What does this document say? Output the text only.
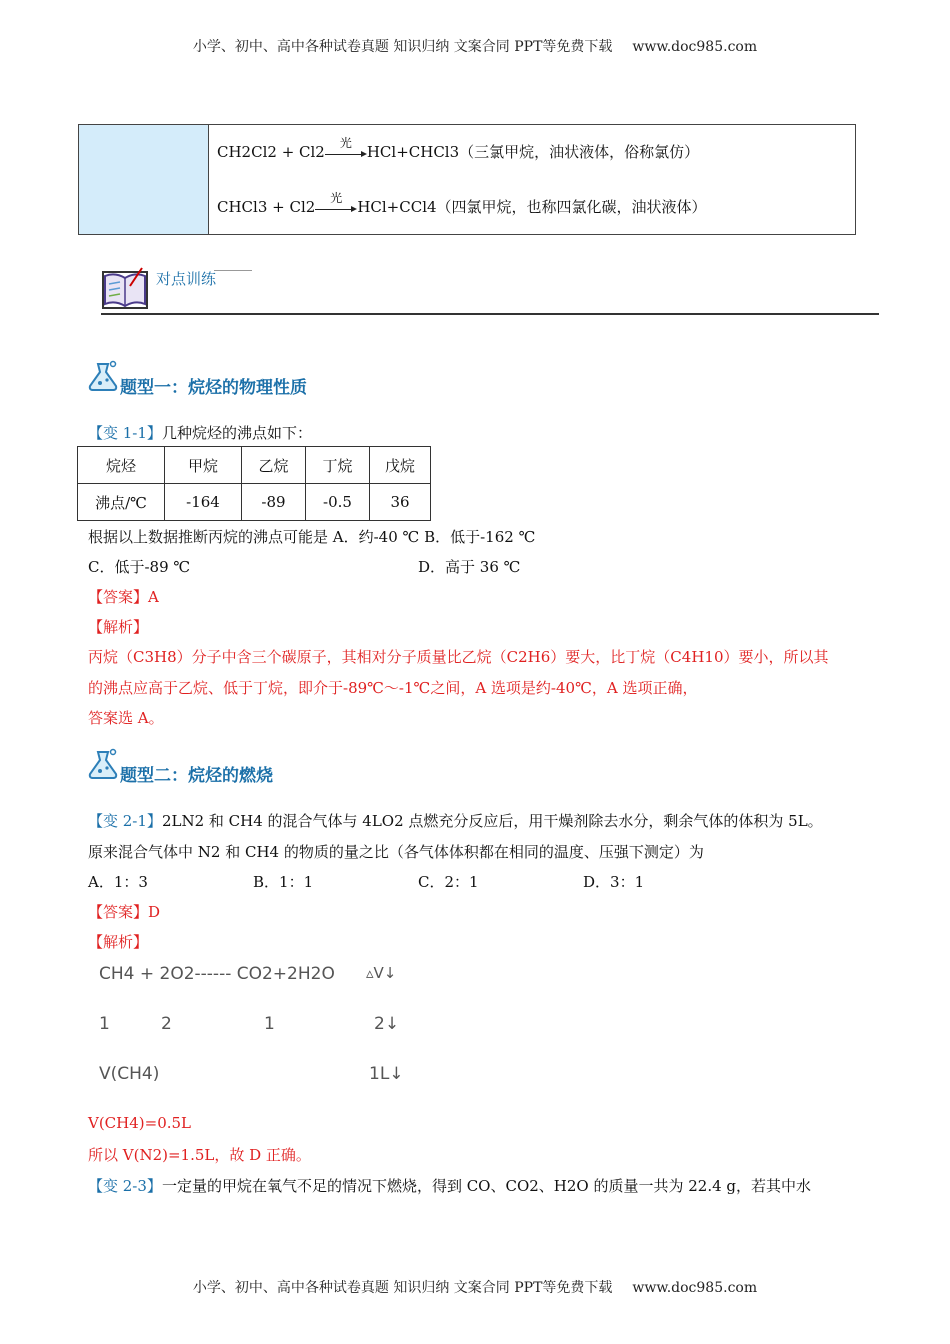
小学、初中、高中各种试卷真题 知识归纳 文案合同 PPT等免费下载 www.doc985.com
CH2Cl2 + Cl2	光	HCl+CHCl3（三氯甲烷，油状液体，俗称氯仿）
CHCl3 + Cl2	光	HCl+CCl4（四氯甲烷，也称四氯化碳，油状液体）
对点训练
题型一：烷烃的物理性质
【变 1-1】几种烷烃的沸点如下：
烷烃	甲烷	乙烷	丁烷	戊烷
沸点/℃	-164	-89	-0.5	36
根据以上数据推断丙烷的沸点可能是 A．约-40 ℃ B．低于-162 ℃
C．低于-89 ℃	D．高于 36 ℃
【答案】A
【解析】
丙烷（C3H8）分子中含三个碳原子，其相对分子质量比乙烷（C2H6）要大，比丁烷（C4H10）要小，所以其
的沸点应高于乙烷、低于丁烷，即介于-89℃～-1℃之间，A 选项是约-40℃，A 选项正确，
答案选 A。
题型二：烷烃的燃烧
【变 2-1】2LN2 和 CH4 的混合气体与 4LO2 点燃充分反应后，用干燥剂除去水分，剩余气体的体积为 5L。
原来混合气体中 N2 和 CH4 的物质的量之比（各气体体积都在相同的温度、压强下测定）为
A．1：3	B．1：1	C．2：1	D．3：1
【答案】D
【解析】
CH4 + 2O2------ CO2+2H2O ▵V↓
1	2	1	2↓
V(CH4)	1L↓
V(CH4)=0.5L
所以 V(N2)=1.5L，故 D 正确。
【变 2-3】一定量的甲烷在氧气不足的情况下燃烧，得到 CO、CO2、H2O 的质量一共为 22.4 g，若其中水
小学、初中、高中各种试卷真题 知识归纳 文案合同 PPT等免费下载 www.doc985.com
